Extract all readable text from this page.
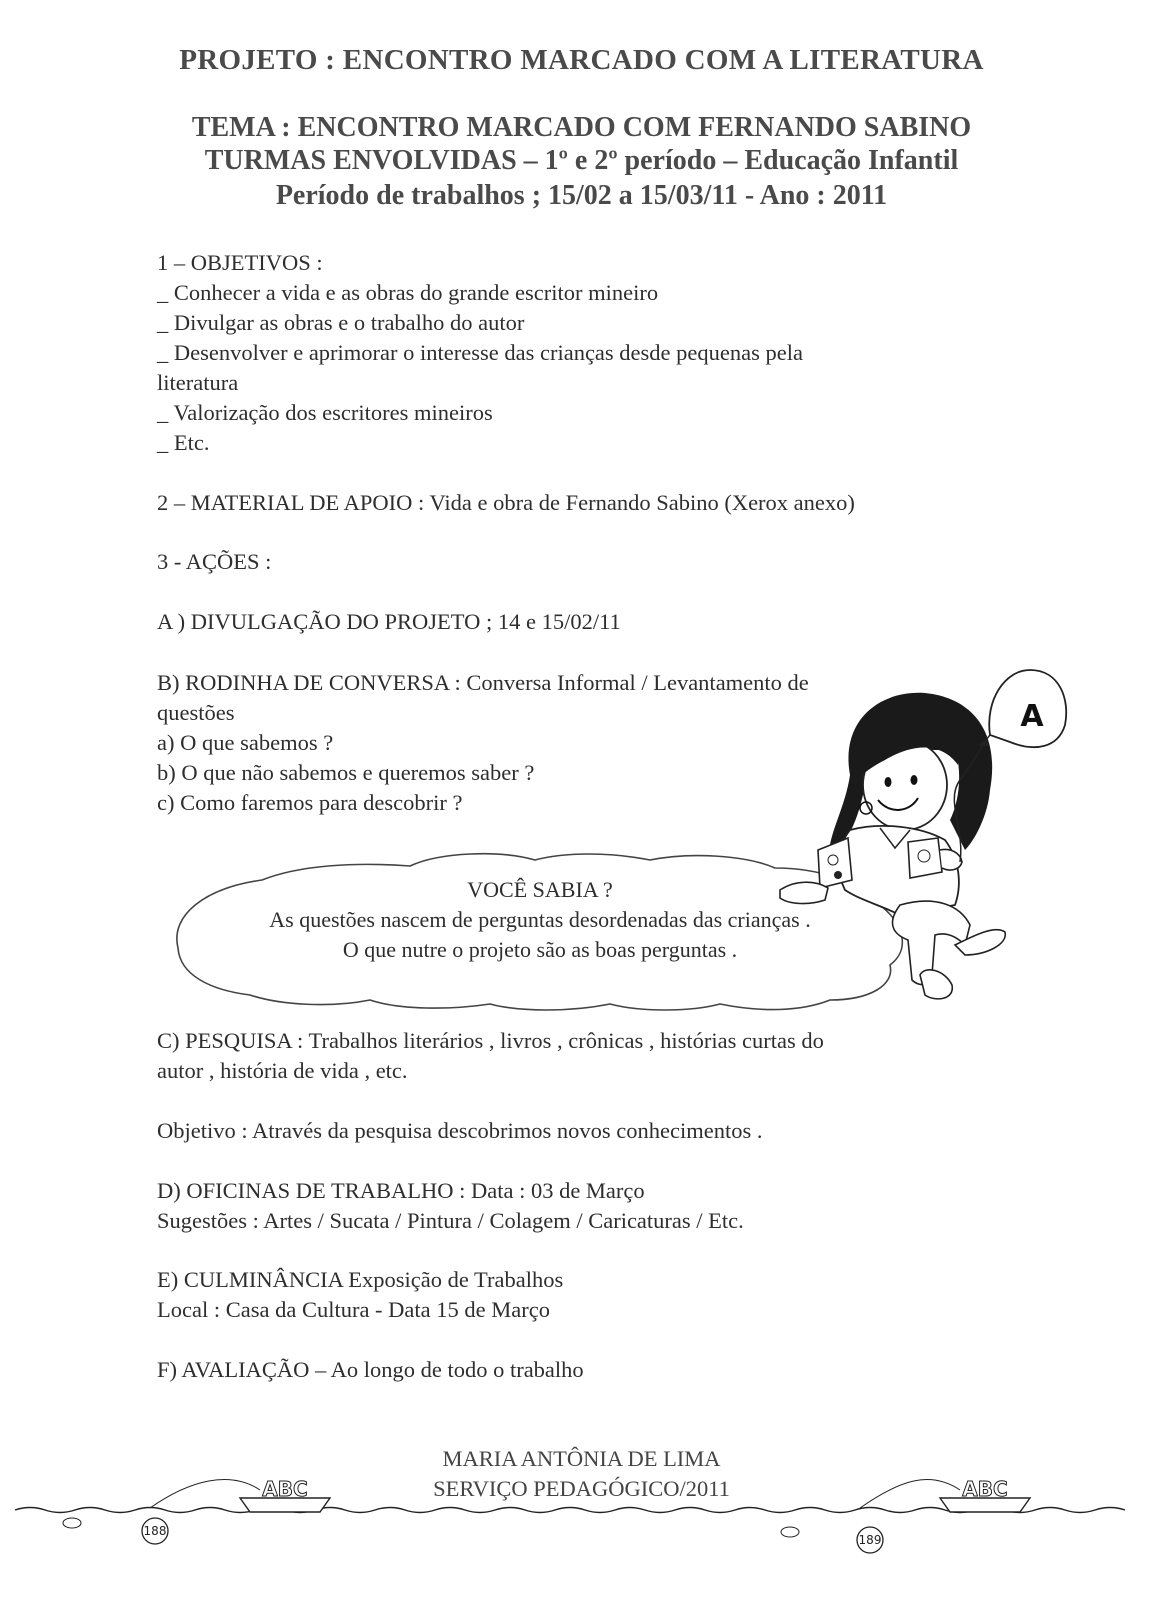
PROJETO : ENCONTRO MARCADO COM A LITERATURA
TEMA : ENCONTRO MARCADO COM FERNANDO SABINO
TURMAS ENVOLVIDAS – 1º e 2º período – Educação Infantil
Período de trabalhos ; 15/02 a 15/03/11 - Ano : 2011
1 – OBJETIVOS :
_ Conhecer a vida e as obras do grande escritor mineiro
_ Divulgar as obras e o trabalho do autor
_ Desenvolver e aprimorar o interesse das crianças desde pequenas pela
literatura
_ Valorização dos escritores mineiros
_ Etc.
2 – MATERIAL DE APOIO : Vida e obra de Fernando Sabino (Xerox anexo)
3 - AÇÕES :
A ) DIVULGAÇÃO DO PROJETO ; 14 e 15/02/11
B) RODINHA DE CONVERSA : Conversa Informal / Levantamento de
questões
a) O que sabemos ?
b) O que não sabemos e queremos saber ?
c) Como faremos para descobrir ?
A
ABC	ABC
188
189
VOCÊ SABIA ?
As questões nascem de perguntas desordenadas das crianças .
O que nutre o projeto são as boas perguntas .
C) PESQUISA : Trabalhos literários , livros , crônicas , histórias curtas do
autor , história de vida , etc.
Objetivo : Através da pesquisa descobrimos novos conhecimentos .
D) OFICINAS DE TRABALHO : Data : 03 de Março
Sugestões : Artes / Sucata / Pintura / Colagem / Caricaturas / Etc.
E) CULMINÂNCIA Exposição de Trabalhos
Local : Casa da Cultura - Data 15 de Março
F) AVALIAÇÃO – Ao longo de todo o trabalho
MARIA ANTÔNIA DE LIMA
SERVIÇO PEDAGÓGICO/2011
